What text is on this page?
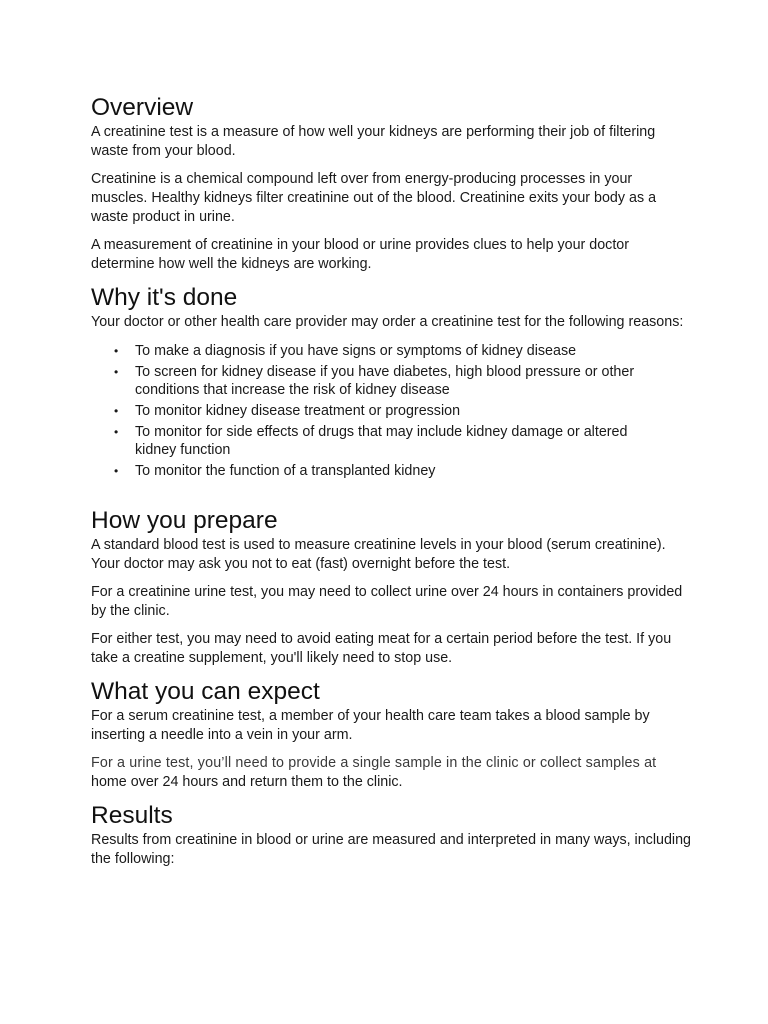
Overview

A creatinine test is a measure of how well your kidneys are performing their job of filtering waste from your blood.

Creatinine is a chemical compound left over from energy-producing processes in your muscles. Healthy kidneys filter creatinine out of the blood. Creatinine exits your body as a waste product in urine.

A measurement of creatinine in your blood or urine provides clues to help your doctor determine how well the kidneys are working.

Why it's done

Your doctor or other health care provider may order a creatinine test for the following reasons:

• To make a diagnosis if you have signs or symptoms of kidney disease
• To screen for kidney disease if you have diabetes, high blood pressure or other conditions that increase the risk of kidney disease
• To monitor kidney disease treatment or progression
• To monitor for side effects of drugs that may include kidney damage or altered kidney function
• To monitor the function of a transplanted kidney
How you prepare

A standard blood test is used to measure creatinine levels in your blood (serum creatinine). Your doctor may ask you not to eat (fast) overnight before the test.

For a creatinine urine test, you may need to collect urine over 24 hours in containers provided by the clinic.

For either test, you may need to avoid eating meat for a certain period before the test. If you take a creatine supplement, you'll likely need to stop use.

What you can expect

For a serum creatinine test, a member of your health care team takes a blood sample by inserting a needle into a vein in your arm.

For a urine test, you’ll need to provide a single sample in the clinic or collect samples at
home over 24 hours and return them to the clinic.

Results

Results from creatinine in blood or urine are measured and interpreted in many ways, including the following:
